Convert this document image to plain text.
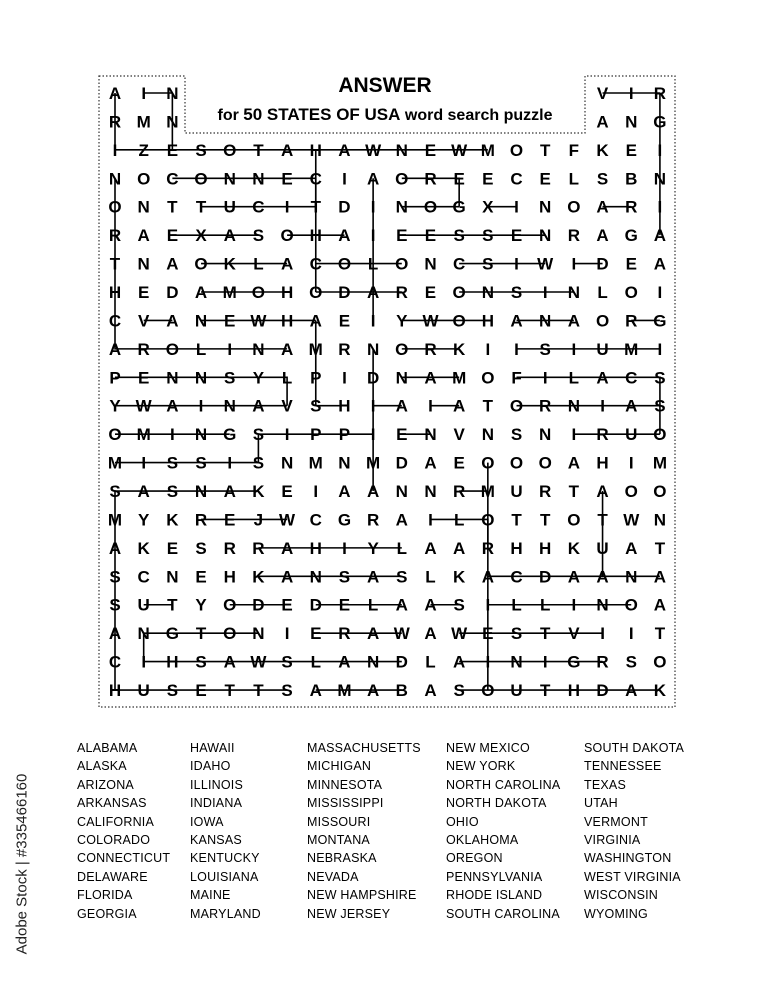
A I N	V I R
R M N	A N G
I Z E S O T A H A W N E W M O T F K E I
N O C O N N E C I A O R E E C E L S B N
O N T T U C I T D I N O G X I N O A R I
R A E X A S O H A I E E S S E N R A G A
T N A O K L A C O L O N C S I W I D E A
H E D A M O H O D A R E O N S I N L O I
C V A N E W H A E I Y W O H A N A O R G
A R O L I N A M R N O R K I I S I U M I
P E N N S Y L P I D N A M O F I L A C S
Y W A I N A V S H I A I A T O R N I A S
O M I N G S I P P I E N V N S N I R U O
M I S S I S N M N M D A E O O O A H I M
S A S N A K E I A A N N R M U R T A O O
M Y K R E J W C G R A I L O T T O T W N
A K E S R R A H I Y L A A R H H K U A T
S C N E H K A N S A S L K A C D A A N A
S U T Y O D E D E L A A S I L L I N O A
A N G T O N I E R A W A W E S T V I I T
C I H S A W S L A N D L A I N I G R S O
H U S E T T S A M A B A S O U T H D A K
ANSWER
for 50 STATES OF USA word search puzzle
ALABAMA
ALASKA
ARIZONA
ARKANSAS
CALIFORNIA
COLORADO
CONNECTICUT
DELAWARE
FLORIDA
GEORGIA
HAWAII
IDAHO
ILLINOIS
INDIANA
IOWA
KANSAS
KENTUCKY
LOUISIANA
MAINE
MARYLAND
MASSACHUSETTS
MICHIGAN
MINNESOTA
MISSISSIPPI
MISSOURI
MONTANA
NEBRASKA
NEVADA
NEW HAMPSHIRE
NEW JERSEY
NEW MEXICO
NEW YORK
NORTH CAROLINA
NORTH DAKOTA
OHIO
OKLAHOMA
OREGON
PENNSYLVANIA
RHODE ISLAND
SOUTH CAROLINA
SOUTH DAKOTA
TENNESSEE
TEXAS
UTAH
VERMONT
VIRGINIA
WASHINGTON
WEST VIRGINIA
WISCONSIN
WYOMING
Adobe Stock | #335466160
